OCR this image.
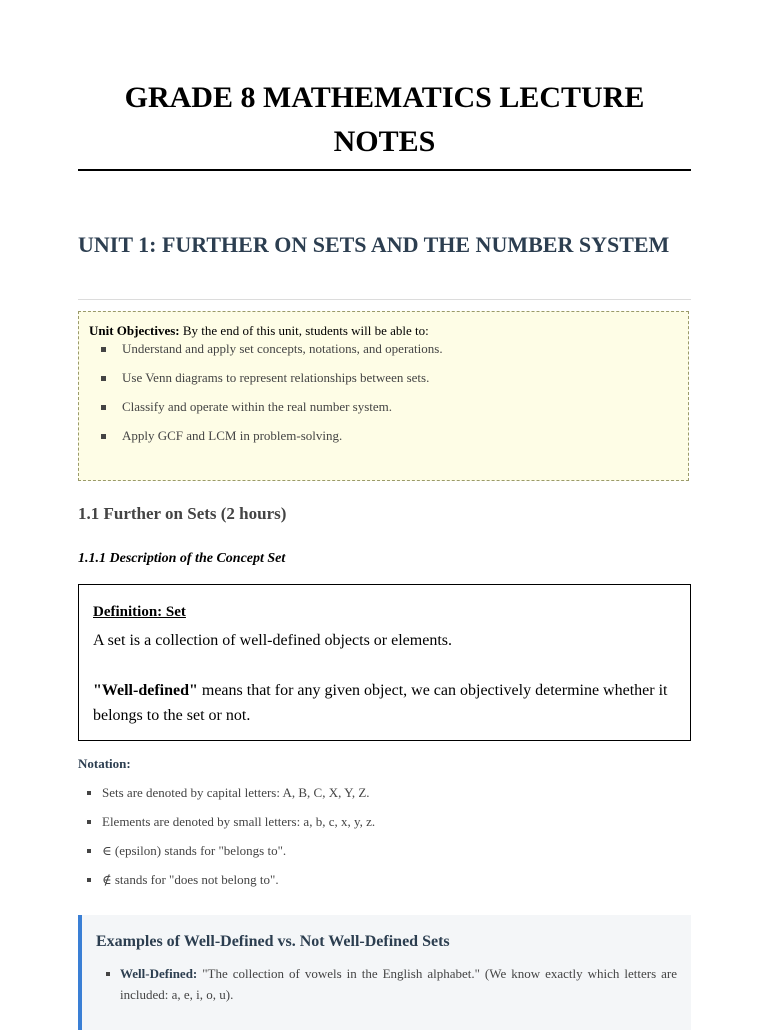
GRADE 8 MATHEMATICS LECTURE NOTES
UNIT 1: FURTHER ON SETS AND THE NUMBER SYSTEM
Unit Objectives: By the end of this unit, students will be able to:
Understand and apply set concepts, notations, and operations.
Use Venn diagrams to represent relationships between sets.
Classify and operate within the real number system.
Apply GCF and LCM in problem-solving.
1.1 Further on Sets (2 hours)
1.1.1 Description of the Concept Set
Definition: Set
A set is a collection of well-defined objects or elements.
"Well-defined" means that for any given object, we can objectively determine whether it belongs to the set or not.
Notation:
Sets are denoted by capital letters: A, B, C, X, Y, Z.
Elements are denoted by small letters: a, b, c, x, y, z.
∈ (epsilon) stands for "belongs to".
∉ stands for "does not belong to".
Examples of Well-Defined vs. Not Well-Defined Sets
Well-Defined: "The collection of vowels in the English alphabet." (We know exactly which letters are included: a, e, i, o, u).
